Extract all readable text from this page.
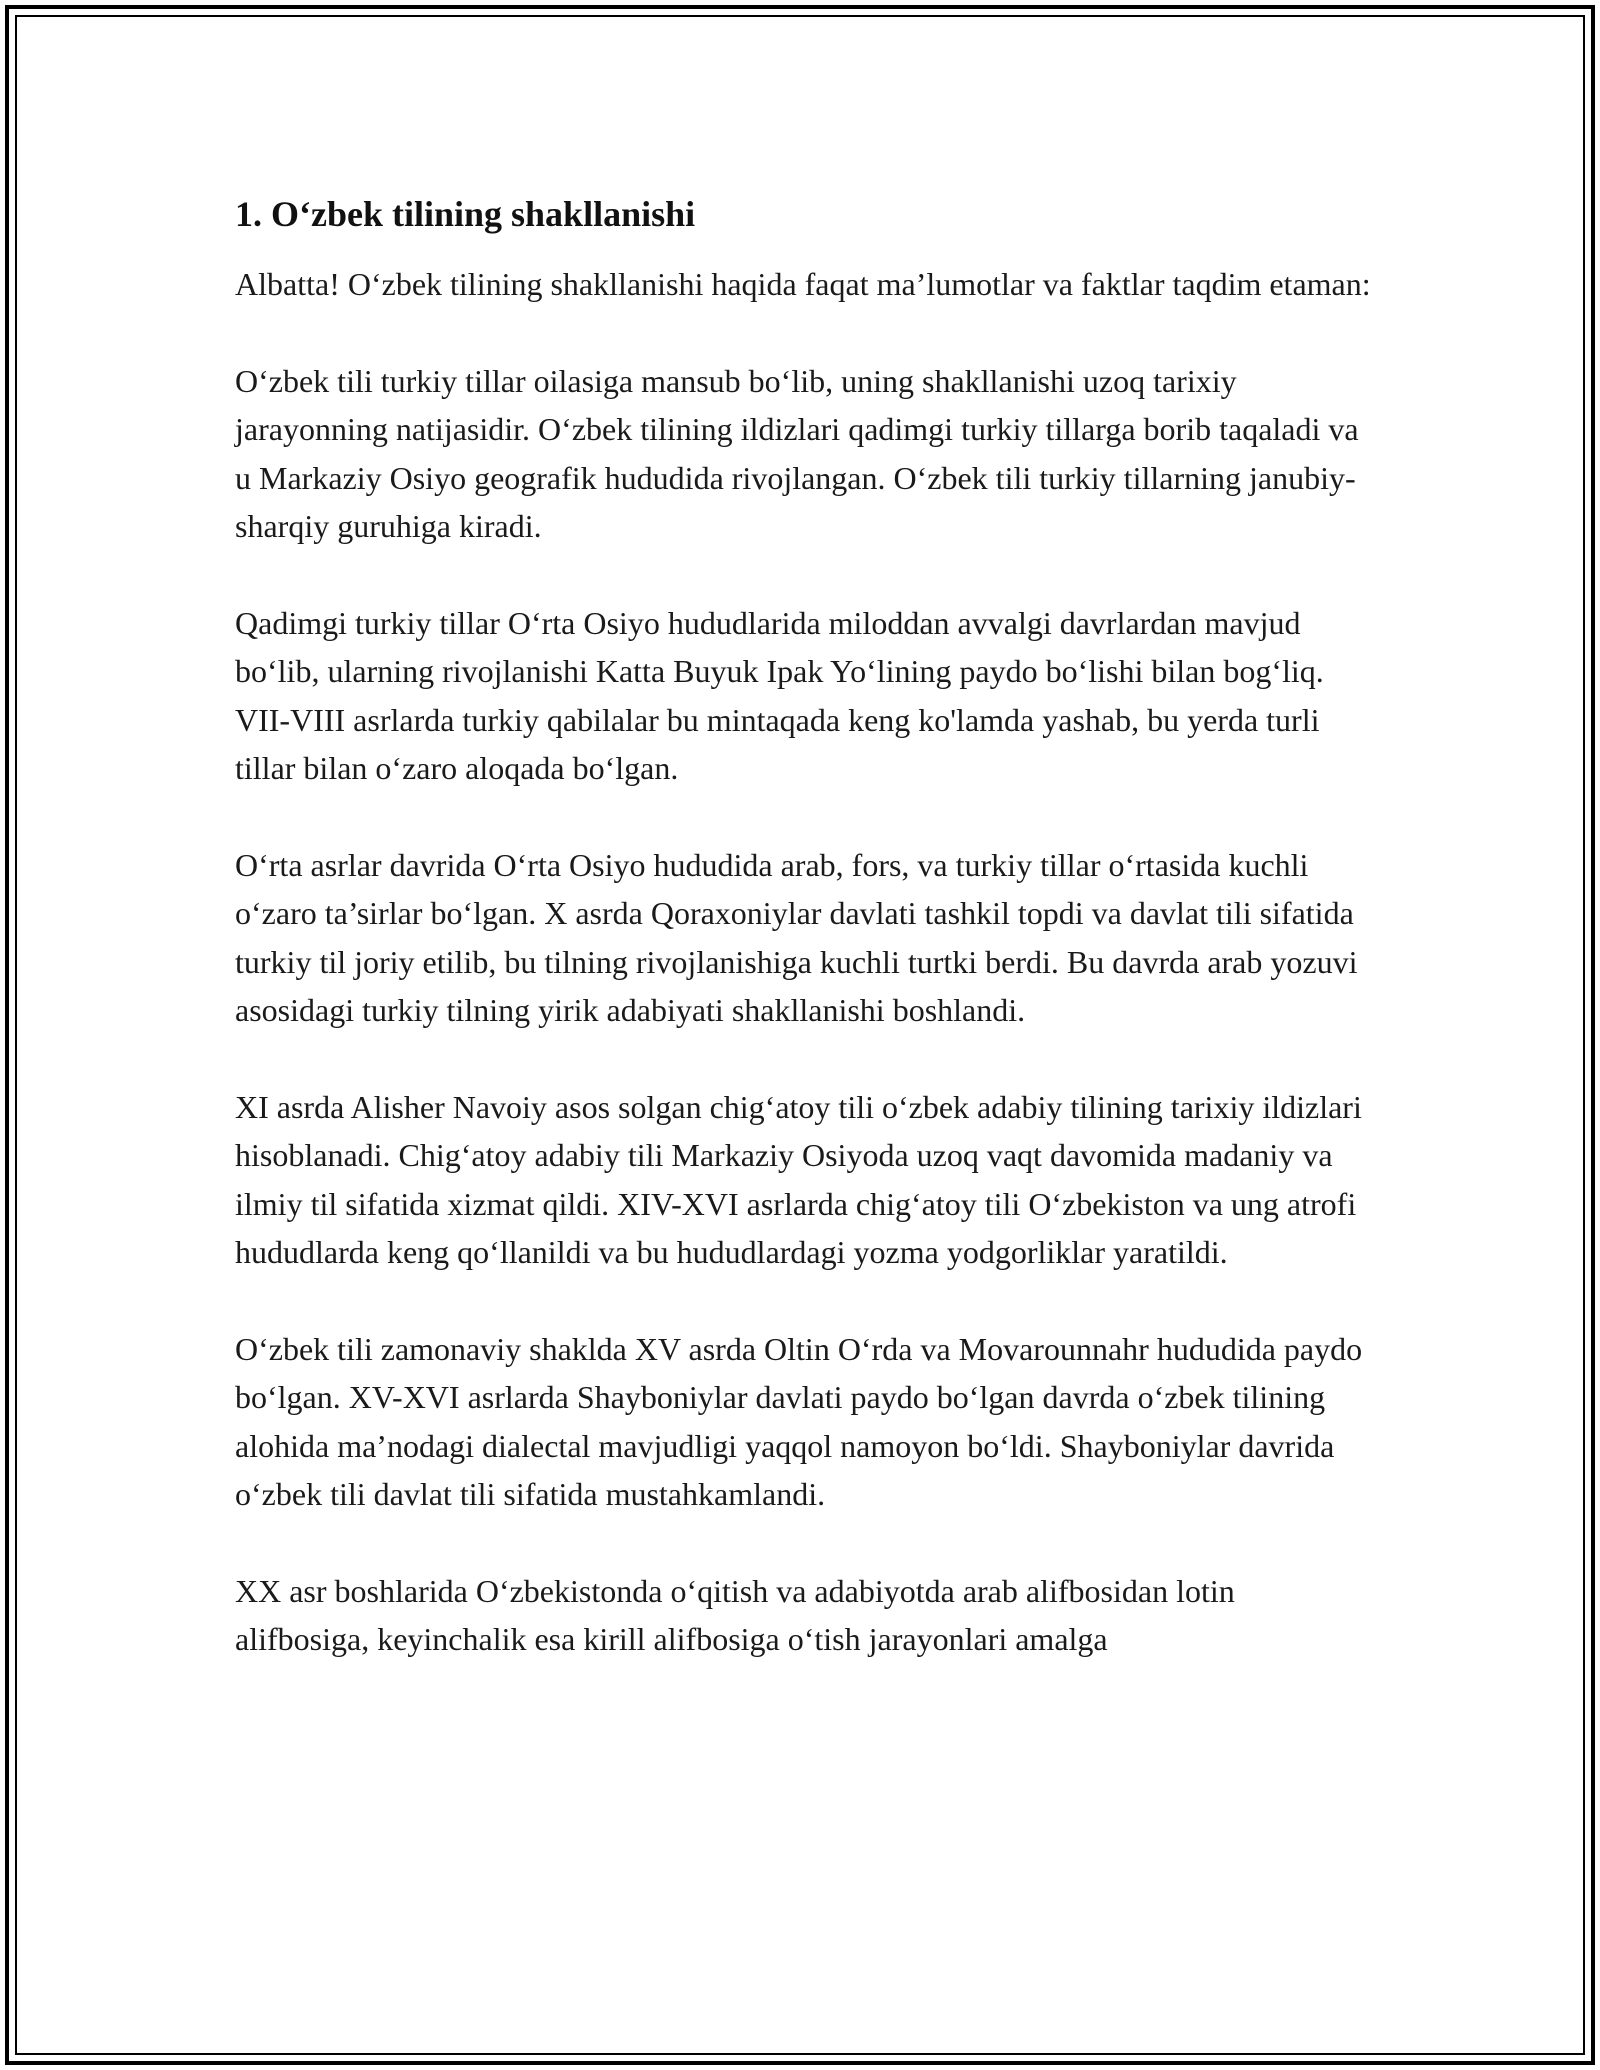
1. O‘zbek tilining shakllanishi

Albatta! O‘zbek tilining shakllanishi haqida faqat ma’lumotlar va faktlar taqdim etaman:

O‘zbek tili turkiy tillar oilasiga mansub bo‘lib, uning shakllanishi uzoq tarixiy jarayonning natijasidir. O‘zbek tilining ildizlari qadimgi turkiy tillarga borib taqaladi va u Markaziy Osiyo geografik hududida rivojlangan. O‘zbek tili turkiy tillarning janubiy-sharqiy guruhiga kiradi.

Qadimgi turkiy tillar O‘rta Osiyo hududlarida miloddan avvalgi davrlardan mavjud bo‘lib, ularning rivojlanishi Katta Buyuk Ipak Yo‘lining paydo bo‘lishi bilan bog‘liq. VII-VIII asrlarda turkiy qabilalar bu mintaqada keng ko'lamda yashab, bu yerda turli tillar bilan o‘zaro aloqada bo‘lgan.

O‘rta asrlar davrida O‘rta Osiyo hududida arab, fors, va turkiy tillar o‘rtasida kuchli o‘zaro ta’sirlar bo‘lgan. X asrda Qoraxoniylar davlati tashkil topdi va davlat tili sifatida turkiy til joriy etilib, bu tilning rivojlanishiga kuchli turtki berdi. Bu davrda arab yozuvi asosidagi turkiy tilning yirik adabiyati shakllanishi boshlandi.

XI asrda Alisher Navoiy asos solgan chig‘atoy tili o‘zbek adabiy tilining tarixiy ildizlari hisoblanadi. Chig‘atoy adabiy tili Markaziy Osiyoda uzoq vaqt davomida madaniy va ilmiy til sifatida xizmat qildi. XIV-XVI asrlarda chig‘atoy tili O‘zbekiston va ung atrofi hududlarda keng qo‘llanildi va bu hududlardagi yozma yodgorliklar yaratildi.

O‘zbek tili zamonaviy shaklda XV asrda Oltin O‘rda va Movarounnahr hududida paydo bo‘lgan. XV-XVI asrlarda Shayboniylar davlati paydo bo‘lgan davrda o‘zbek tilining alohida ma’nodagi dialectal mavjudligi yaqqol namoyon bo‘ldi. Shayboniylar davrida o‘zbek tili davlat tili sifatida mustahkamlandi.

XX asr boshlarida O‘zbekistonda o‘qitish va adabiyotda arab alifbosidan lotin alifbosiga, keyinchalik esa kirill alifbosiga o‘tish jarayonlari amalga
